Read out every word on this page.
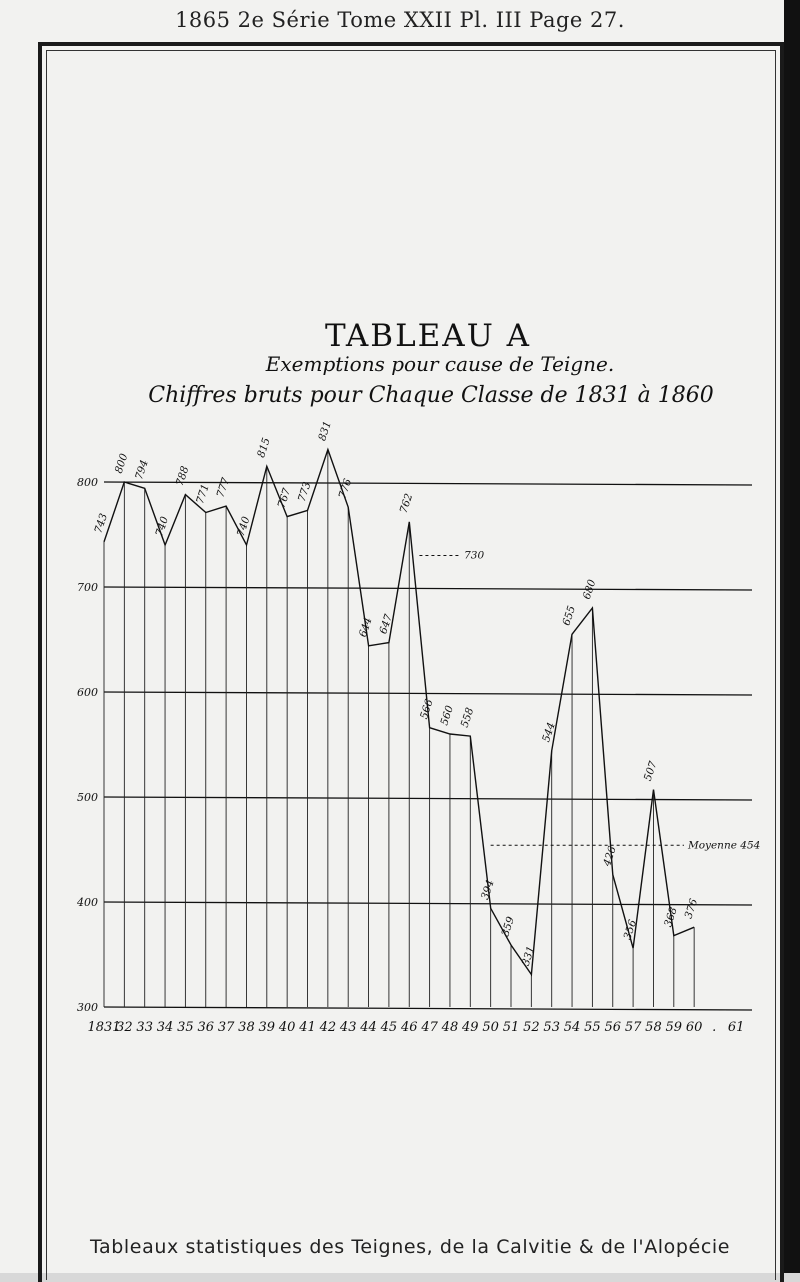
1865 2e Série Tome XXII Pl. III Page 27.
TABLEAU A
Exemptions pour cause de Teigne.
Chiffres bruts pour Chaque Classe de 1831 à 1860
730
Moyenne 454
800
700
600
500
400
300
1831
32 33 34 35 36 37 38 39 40 41 42 43 44 45 46 47 48 49 50 51 52 53 54 55 56 57 58 59 60 . 61
743
800 794
740
788
771 777
740
815
767 773
831
776
644 647
762
566 560 558
394
359
331
544
655
680
426
356
507
368 376
Tableaux statistiques des Teignes, de la Calvitie & de l'Alopécie
